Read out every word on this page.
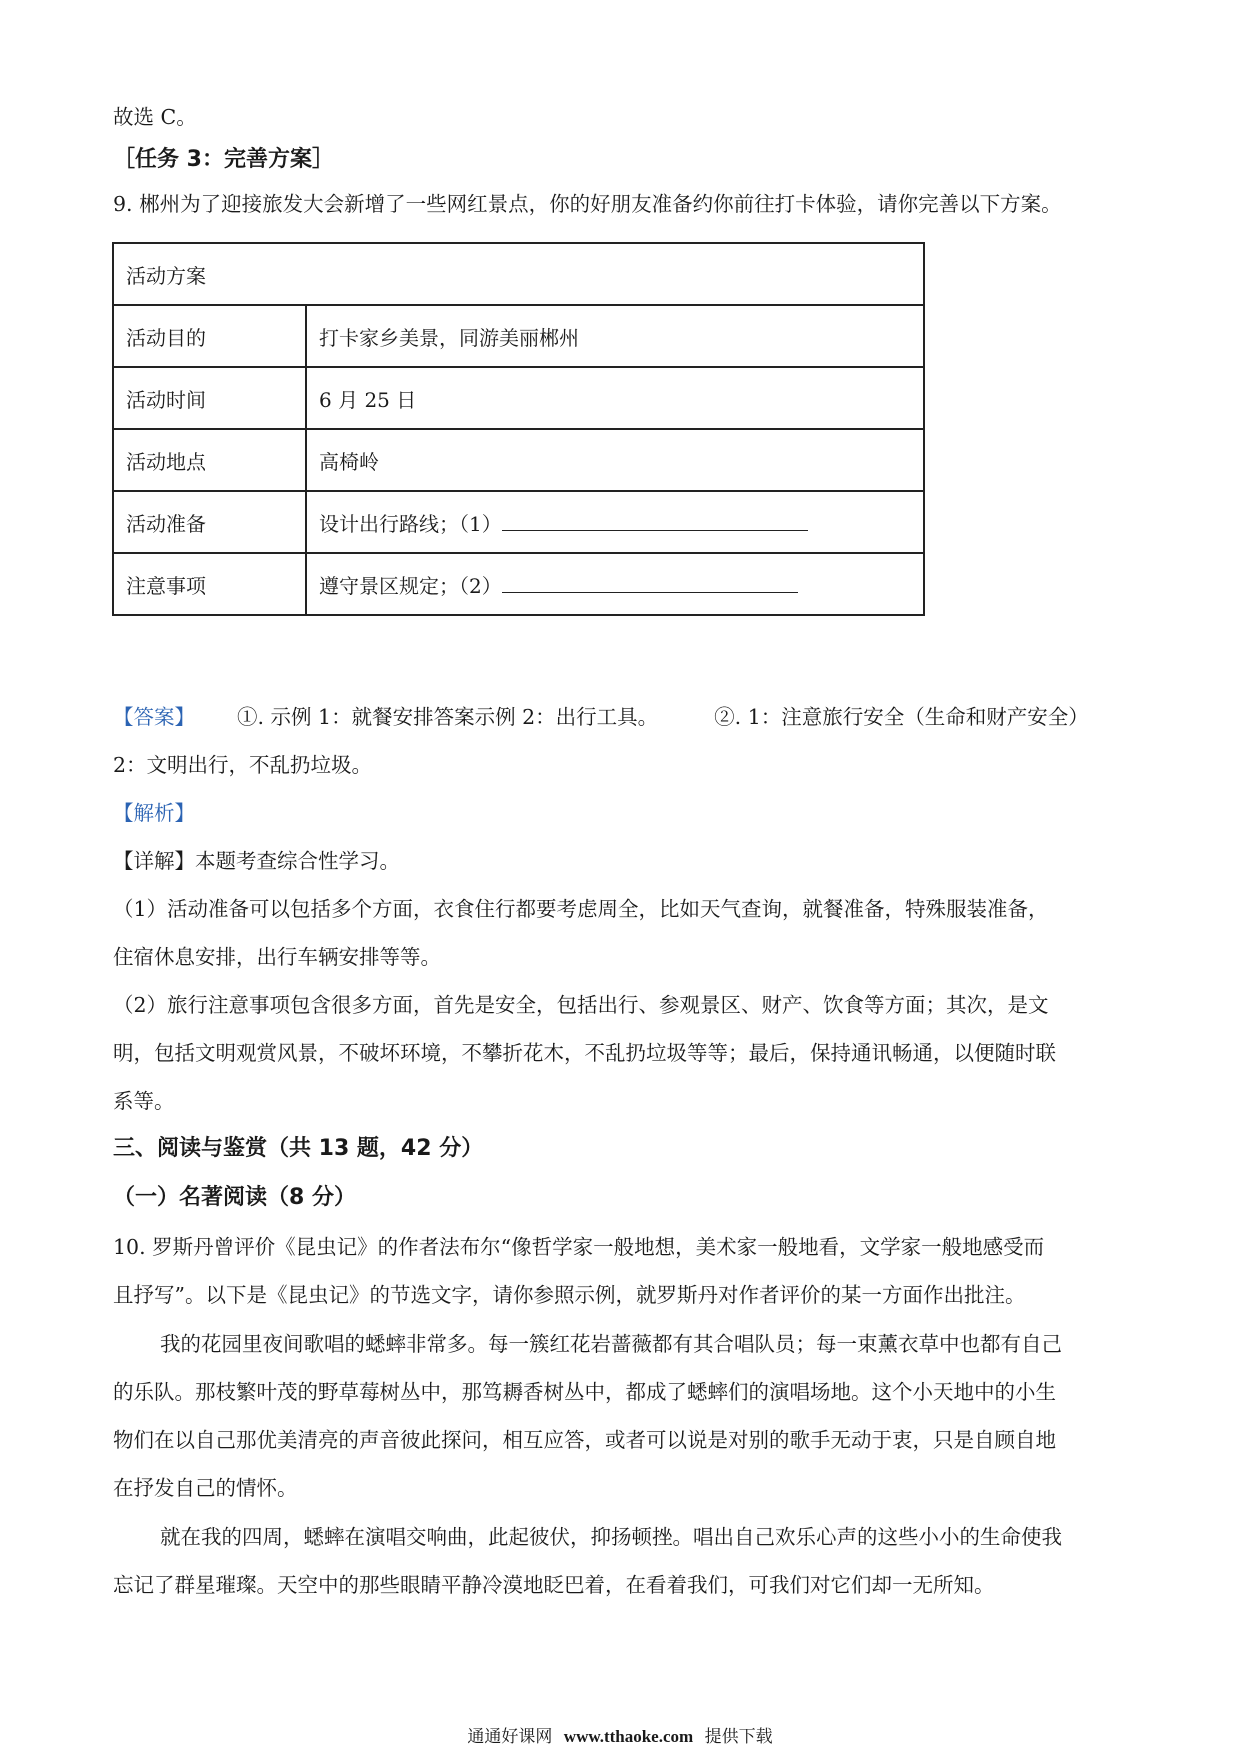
故选 C。
［任务 3：完善方案］
9. 郴州为了迎接旅发大会新增了一些网红景点，你的好朋友准备约你前往打卡体验，请你完善以下方案。
活动方案	
活动目的	打卡家乡美景，同游美丽郴州
活动时间	6 月 25 日
活动地点	高椅岭
活动准备	设计出行路线；（1）
注意事项	遵守景区规定；（2）
【答案】 ①. 示例 1：就餐安排答案示例 2：出行工具。	②. 1：注意旅行安全（生命和财产安全）
2：文明出行，不乱扔垃圾。
【解析】
【详解】本题考查综合性学习。
（1）活动准备可以包括多个方面，衣食住行都要考虑周全，比如天气查询，就餐准备，特殊服装准备，
住宿休息安排，出行车辆安排等等。
（2）旅行注意事项包含很多方面，首先是安全，包括出行、参观景区、财产、饮食等方面；其次，是文
明，包括文明观赏风景，不破坏环境，不攀折花木，不乱扔垃圾等等；最后，保持通讯畅通，以便随时联
系等。
三、阅读与鉴赏（共 13 题，42 分）
（一）名著阅读（8 分）
10. 罗斯丹曾评价《昆虫记》的作者法布尔“像哲学家一般地想，美术家一般地看，文学家一般地感受而
且抒写”。以下是《昆虫记》的节选文字，请你参照示例，就罗斯丹对作者评价的某一方面作出批注。
我的花园里夜间歌唱的蟋蟀非常多。每一簇红花岩蔷薇都有其合唱队员；每一束薰衣草中也都有自己
的乐队。那枝繁叶茂的野草莓树丛中，那笃耨香树丛中，都成了蟋蟀们的演唱场地。这个小天地中的小生
物们在以自己那优美清亮的声音彼此探问，相互应答，或者可以说是对别的歌手无动于衷，只是自顾自地
在抒发自己的情怀。
就在我的四周，蟋蟀在演唱交响曲，此起彼伏，抑扬顿挫。唱出自己欢乐心声的这些小小的生命使我
忘记了群星璀璨。天空中的那些眼睛平静冷漠地眨巴着，在看着我们，可我们对它们却一无所知。
通通好课网 www.tthaoke.com 提供下载
